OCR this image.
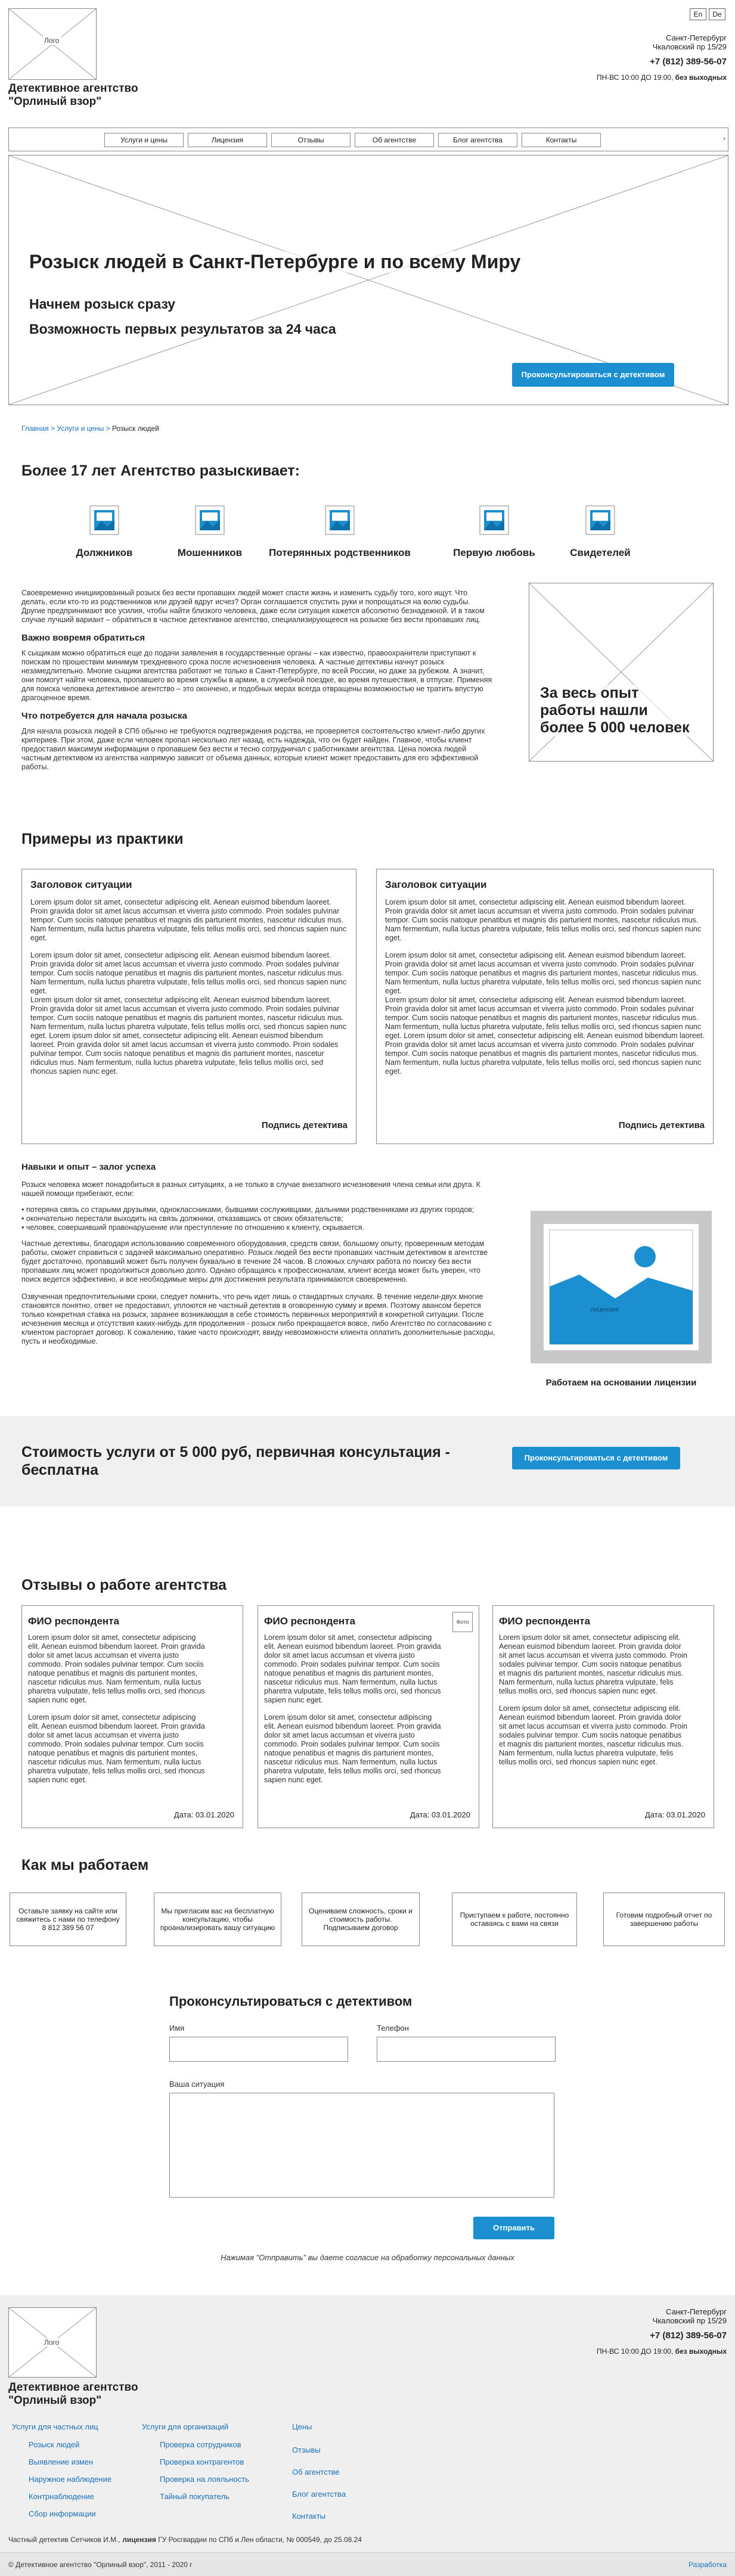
Лого
Детективное агентство
"Орлиный взор"
En	De
Санкт-Петербург
Чкаловский пр 15/29
+7 (812) 389-56-07
ПН-ВС 10:00 ДО 19:00, без выходных
Услуги и цены	Лицензия	Отзывы	Об агентстве	Блог агентства	Контакты	›
Розыск людей в Санкт-Петербурге и по всему Миру
Начнем розыск сразу
Возможность первых результатов за 24 часа
Проконсультироваться с детективом
Главная > Услуги и цены > Розыск людей
Более 17 лет Агентство разыскивает:
Должников	Мошенников	Потерянных родственников	Первую любовь	Свидетелей

Своевременно инициированный розыск без вести пропавших людей может спасти жизнь и изменить судьбу того, кого ищут. Что делать, если кто-то из родственников или друзей вдруг исчез? Орган соглашается спустить руки и попрощаться на волю судьбы. Другие предпринимают все усилия, чтобы найти близкого человека, даже если ситуация кажется абсолютно безнадежной. И в таком случае лучший вариант – обратиться в частное детективное агентство, специализирующееся на розыске без вести пропавших лиц.

Важно вовремя обратиться

К сыщикам можно обратиться еще до подачи заявления в государственные органы – как известно, правоохранители приступают к поискам по прошествии минимум трехдневного срока после исчезновения человека. А частные детективы начнут розыск незамедлительно. Многие сыщики агентства работают не только в Санкт-Петербурге, по всей России, но даже за рубежом. А значит, они помогут найти человека, пропавшего во время службы в армии, в служебной поездке, во время путешествия, в отпуске. Применяя для поиска человека детективное агентство – это окончено, и подобных мерах всегда отвращены возможностью не тратить впустую драгоценное время.

Что потребуется для начала розыска

Для начала розыска людей в СПб обычно не требуются подтверждения родства, не проверяется состоятельство клиент-либо других критериев. При этом, даже если человек пропал несколько лет назад, есть надежда, что он будет найден. Главное, чтобы клиент предоставил максимум информации о пропавшем без вести и тесно сотрудничал с работниками агентства. Цена поиска людей частным детективом из агентства напрямую зависит от объема данных, которые клиент может предоставить для его эффективной работы.

За весь опыт работы нашли более 5 000 человек
Примеры из практики
Заголовок ситуации

Lorem ipsum dolor sit amet, consectetur adipiscing elit. Aenean euismod bibendum laoreet. Proin gravida dolor sit amet lacus accumsan et viverra justo commodo. Proin sodales pulvinar tempor. Cum sociis natoque penatibus et magnis dis parturient montes, nascetur ridiculus mus. Nam fermentum, nulla luctus pharetra vulputate, felis tellus mollis orci, sed rhoncus sapien nunc eget.

Lorem ipsum dolor sit amet, consectetur adipiscing elit. Aenean euismod bibendum laoreet. Proin gravida dolor sit amet lacus accumsan et viverra justo commodo. Proin sodales pulvinar tempor. Cum sociis natoque penatibus et magnis dis parturient montes, nascetur ridiculus mus. Nam fermentum, nulla luctus pharetra vulputate, felis tellus mollis orci, sed rhoncus sapien nunc eget.

Lorem ipsum dolor sit amet, consectetur adipiscing elit. Aenean euismod bibendum laoreet. Proin gravida dolor sit amet lacus accumsan et viverra justo commodo. Proin sodales pulvinar tempor. Cum sociis natoque penatibus et magnis dis parturient montes, nascetur ridiculus mus. Nam fermentum, nulla luctus pharetra vulputate, felis tellus mollis orci, sed rhoncus sapien nunc eget. Lorem ipsum dolor sit amet, consectetur adipiscing elit. Aenean euismod bibendum laoreet. Proin gravida dolor sit amet lacus accumsan et viverra justo commodo. Proin sodales pulvinar tempor. Cum sociis natoque penatibus et magnis dis parturient montes, nascetur ridiculus mus. Nam fermentum, nulla luctus pharetra vulputate, felis tellus mollis orci, sed rhoncus sapien nunc eget.

Подпись детектива
Заголовок ситуации

Lorem ipsum dolor sit amet, consectetur adipiscing elit. Aenean euismod bibendum laoreet. Proin gravida dolor sit amet lacus accumsan et viverra justo commodo. Proin sodales pulvinar tempor. Cum sociis natoque penatibus et magnis dis parturient montes, nascetur ridiculus mus. Nam fermentum, nulla luctus pharetra vulputate, felis tellus mollis orci, sed rhoncus sapien nunc eget.

Lorem ipsum dolor sit amet, consectetur adipiscing elit. Aenean euismod bibendum laoreet. Proin gravida dolor sit amet lacus accumsan et viverra justo commodo. Proin sodales pulvinar tempor. Cum sociis natoque penatibus et magnis dis parturient montes, nascetur ridiculus mus. Nam fermentum, nulla luctus pharetra vulputate, felis tellus mollis orci, sed rhoncus sapien nunc eget.

Lorem ipsum dolor sit amet, consectetur adipiscing elit. Aenean euismod bibendum laoreet. Proin gravida dolor sit amet lacus accumsan et viverra justo commodo. Proin sodales pulvinar tempor. Cum sociis natoque penatibus et magnis dis parturient montes, nascetur ridiculus mus. Nam fermentum, nulla luctus pharetra vulputate, felis tellus mollis orci, sed rhoncus sapien nunc eget. Lorem ipsum dolor sit amet, consectetur adipiscing elit. Aenean euismod bibendum laoreet. Proin gravida dolor sit amet lacus accumsan et viverra justo commodo. Proin sodales pulvinar tempor. Cum sociis natoque penatibus et magnis dis parturient montes, nascetur ridiculus mus. Nam fermentum, nulla luctus pharetra vulputate, felis tellus mollis orci, sed rhoncus sapien nunc eget.

Подпись детектива
Навыки и опыт – залог успеха

Розыск человека может понадобиться в разных ситуациях, а не только в случае внезапного исчезновения члена семьи или друга. К нашей помощи прибегают, если:

• потеряна связь со старыми друзьями, одноклассниками, бывшими сослуживцами, дальними родственниками из других городов;

• окончательно перестали выходить на связь должники, отказавшись от своих обязательств;

• человек, совершивший правонарушение или преступление по отношению к клиенту, скрывается.

Частные детективы, благодаря использованию современного оборудования, средств связи, большому опыту, проверенным методам работы, сможет справиться с задачей максимально оперативно. Розыск людей без вести пропавших частным детективом в агентстве будет достаточно, пропавший может быть получен буквально в течение 24 часов. В сложных случаях работа по поиску без вести пропавших лиц может продолжиться довольно долго. Однако обращаясь к профессионалам, клиент всегда может быть уверен, что поиск ведется эффективно, и все необходимые меры для достижения результата принимаются своевременно.

Озвученная предпочтительными сроки, следует помнить, что речь идет лишь о стандартных случаях. В течение недели-двух многие становятся понятно, ответ не предоставил, уплоются не частный детектив в оговоренную сумму и время. Поэтому авансом берется только конкретная ставка на розыск, заранее возникающая в себе стоимость первичных мероприятий в конкретной ситуации. После исчезнения месяца и отсутствия каких-нибудь для продолжения - розыск либо прекращается вовсе, либо Агентство по согласованию с клиентом расторгает договор. К сожалению, такие часто происходят, ввиду невозможности клиента оплатить дополнительные расходы, пусть и необходимые.

лицензия
Работаем на основании лицензии
Стоимость услуги от 5 000 руб, первичная консультация - бесплатна
Проконсультироваться с детективом
Отзывы о работе агентства
ФИО респондента

Lorem ipsum dolor sit amet, consectetur adipiscing elit. Aenean euismod bibendum laoreet. Proin gravida dolor sit amet lacus accumsan et viverra justo commodo. Proin sodales pulvinar tempor. Cum sociis natoque penatibus et magnis dis parturient montes, nascetur ridiculus mus. Nam fermentum, nulla luctus pharetra vulputate, felis tellus mollis orci, sed rhoncus sapien nunc eget.

Lorem ipsum dolor sit amet, consectetur adipiscing elit. Aenean euismod bibendum laoreet. Proin gravida dolor sit amet lacus accumsan et viverra justo commodo. Proin sodales pulvinar tempor. Cum sociis natoque penatibus et magnis dis parturient montes, nascetur ridiculus mus. Nam fermentum, nulla luctus pharetra vulputate, felis tellus mollis orci, sed rhoncus sapien nunc eget.

Дата: 03.01.2020
ФИО респондента	Фото

Lorem ipsum dolor sit amet, consectetur adipiscing elit. Aenean euismod bibendum laoreet. Proin gravida dolor sit amet lacus accumsan et viverra justo commodo. Proin sodales pulvinar tempor. Cum sociis natoque penatibus et magnis dis parturient montes, nascetur ridiculus mus. Nam fermentum, nulla luctus pharetra vulputate, felis tellus mollis orci, sed rhoncus sapien nunc eget.

Lorem ipsum dolor sit amet, consectetur adipiscing elit. Aenean euismod bibendum laoreet. Proin gravida dolor sit amet lacus accumsan et viverra justo commodo. Proin sodales pulvinar tempor. Cum sociis natoque penatibus et magnis dis parturient montes, nascetur ridiculus mus. Nam fermentum, nulla luctus pharetra vulputate, felis tellus mollis orci, sed rhoncus sapien nunc eget.

Дата: 03.01.2020
ФИО респондента

Lorem ipsum dolor sit amet, consectetur adipiscing elit. Aenean euismod bibendum laoreet. Proin gravida dolor sit amet lacus accumsan et viverra justo commodo. Proin sodales pulvinar tempor. Cum sociis natoque penatibus et magnis dis parturient montes, nascetur ridiculus mus. Nam fermentum, nulla luctus pharetra vulputate, felis tellus mollis orci, sed rhoncus sapien nunc eget.

Lorem ipsum dolor sit amet, consectetur adipiscing elit. Aenean euismod bibendum laoreet. Proin gravida dolor sit amet lacus accumsan et viverra justo commodo. Proin sodales pulvinar tempor. Cum sociis natoque penatibus et magnis dis parturient montes, nascetur ridiculus mus. Nam fermentum, nulla luctus pharetra vulputate, felis tellus mollis orci, sed rhoncus sapien nunc eget.

Дата: 03.01.2020
Как мы работаем
Оставьте заявку на сайте или свяжитесь с нами по телефону 8 812 389 56 07
Мы пригласим вас на бесплатную консультацию, чтобы проанализировать вашу ситуацию
Оцениваем сложность, сроки и стоимость работы. Подписываем договор
Приступаем к работе, постоянно оставаясь с вами на связи
Готовим подробный отчет по завершению работы
Проконсультироваться с детективом
Имя	Телефон
Ваша ситуация
Отправить
Нажимая "Отправить" вы даете согласие на обработку персональных данных
Лого
Детективное агентство
"Орлиный взор"
Санкт-Петербург
Чкаловский пр 15/29
+7 (812) 389-56-07
ПН-ВС 10:00 ДО 19:00, без выходных
Услуги для частных лиц
Розыск людей
Выявление измен
Наружное наблюдение
Контрнаблюдение
Сбор информации
Услуги для организаций
Проверка сотрудников
Проверка контрагентов
Проверка на лояльность
Тайный покупатель
Цены
Отзывы
Об агентстве
Блог агентства
Контакты
Частный детектив Сетчиков И.М., лицензия ГУ Росгвардии по СПб и Лен области, № 000549, до 25.08.24
© Детективное агентство "Орлиный взор", 2011 - 2020 г	Разработка
